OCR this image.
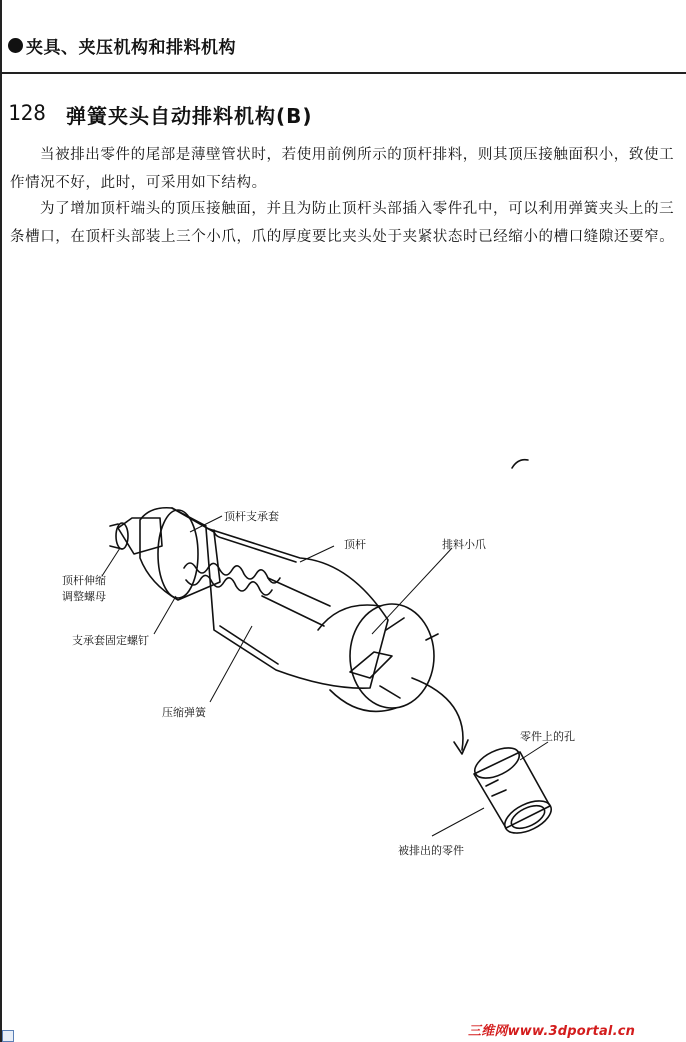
夹具、夹压机构和排料机构
128 弹簧夹头自动排料机构(B)
当被排出零件的尾部是薄壁管状时，若使用前例所示的顶杆排料，则其顶压接触面积小，致使工作情况不好，此时，可采用如下结构。
为了增加顶杆端头的顶压接触面，并且为防止顶杆头部插入零件孔中，可以利用弹簧夹头上的三条槽口，在顶杆头部装上三个小爪，爪的厚度要比夹头处于夹紧状态时已经缩小的槽口缝隙还要窄。
顶杆支承套
顶杆	排料小爪
顶杆伸缩
调整螺母
支承套固定螺钉
压缩弹簧
零件上的孔
被排出的零件
三维网www.3dportal.cn
